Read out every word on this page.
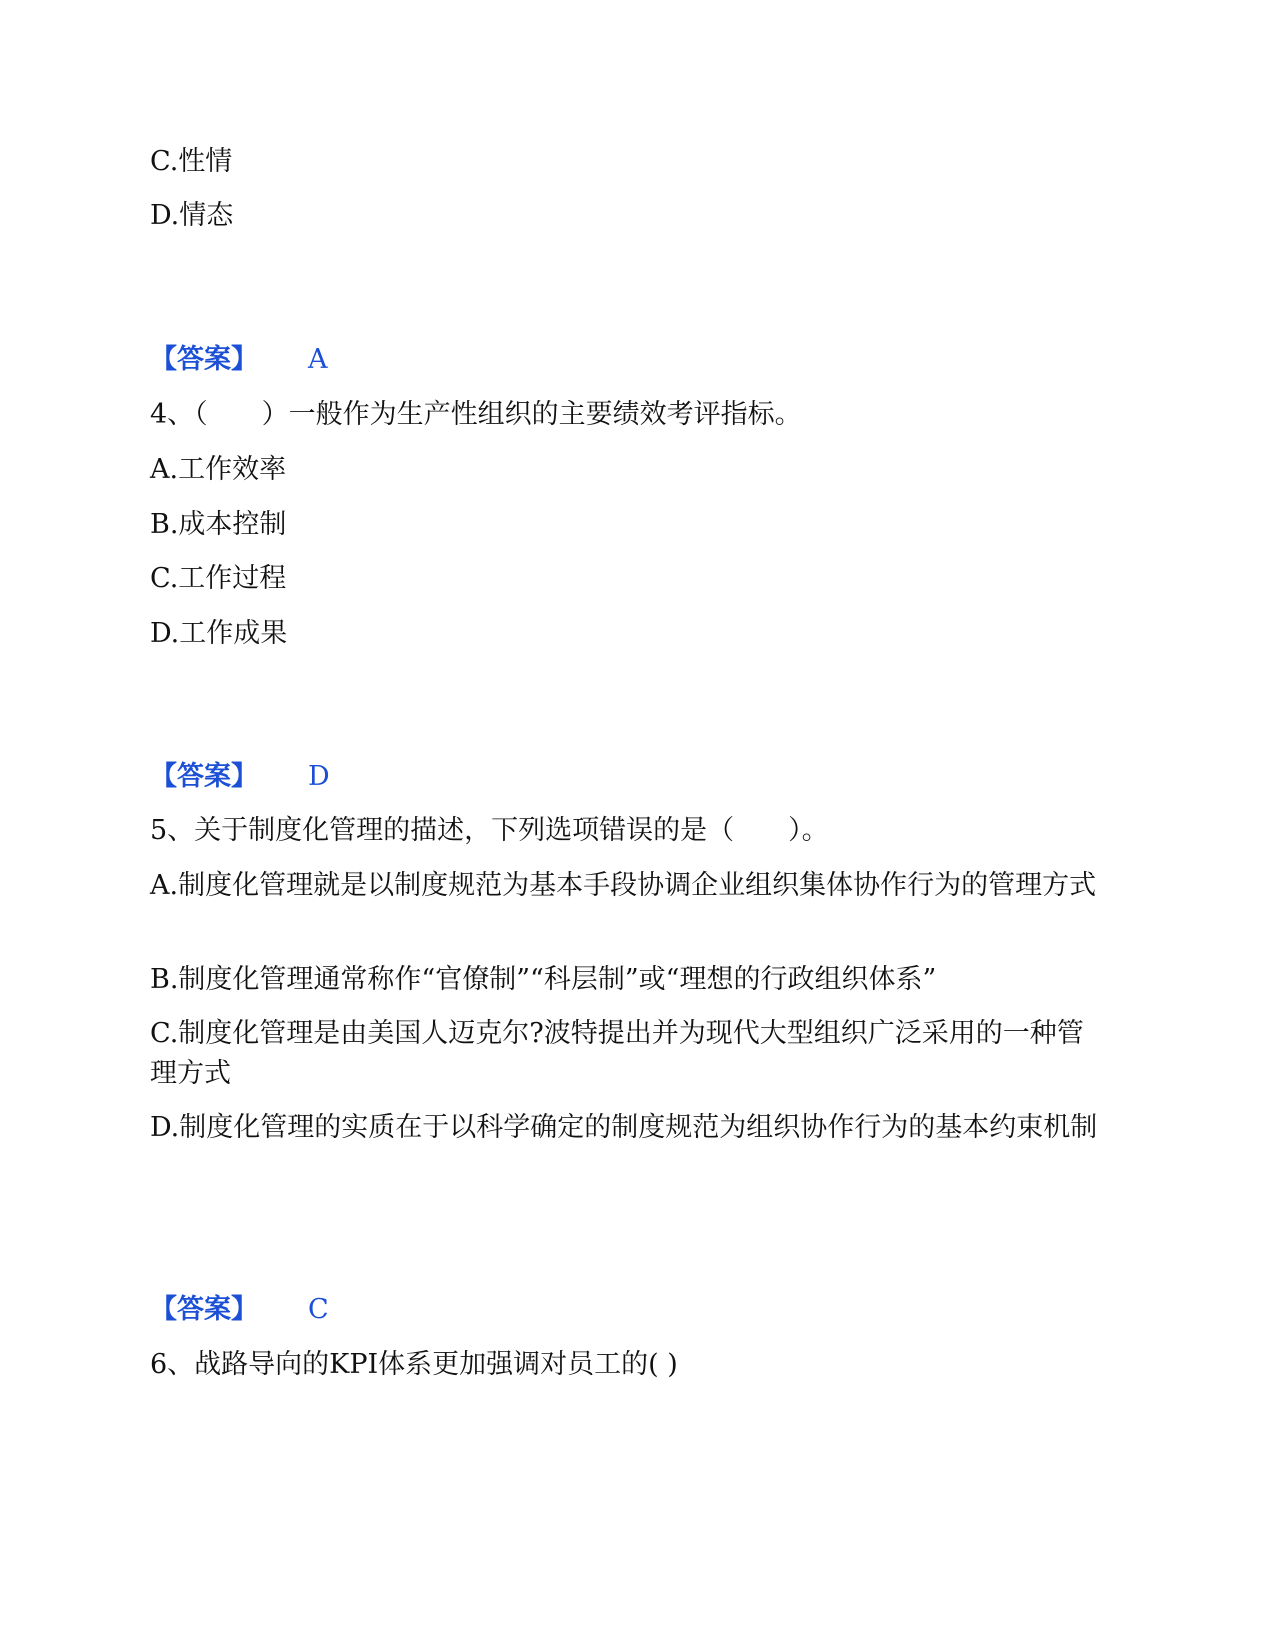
C.性情
D.情态
【答案】 A
4、（　　）一般作为生产性组织的主要绩效考评指标。
A.工作效率
B.成本控制
C.工作过程
D.工作成果
【答案】 D
5、关于制度化管理的描述，下列选项错误的是（　　）。
A.制度化管理就是以制度规范为基本手段协调企业组织集体协作行为的管理方式
B.制度化管理通常称作“官僚制”“科层制”或“理想的行政组织体系”
C.制度化管理是由美国人迈克尔?波特提出并为现代大型组织广泛采用的一种管理方式
D.制度化管理的实质在于以科学确定的制度规范为组织协作行为的基本约束机制
【答案】 C
6、战路导向的KPI体系更加强调对员工的( )
